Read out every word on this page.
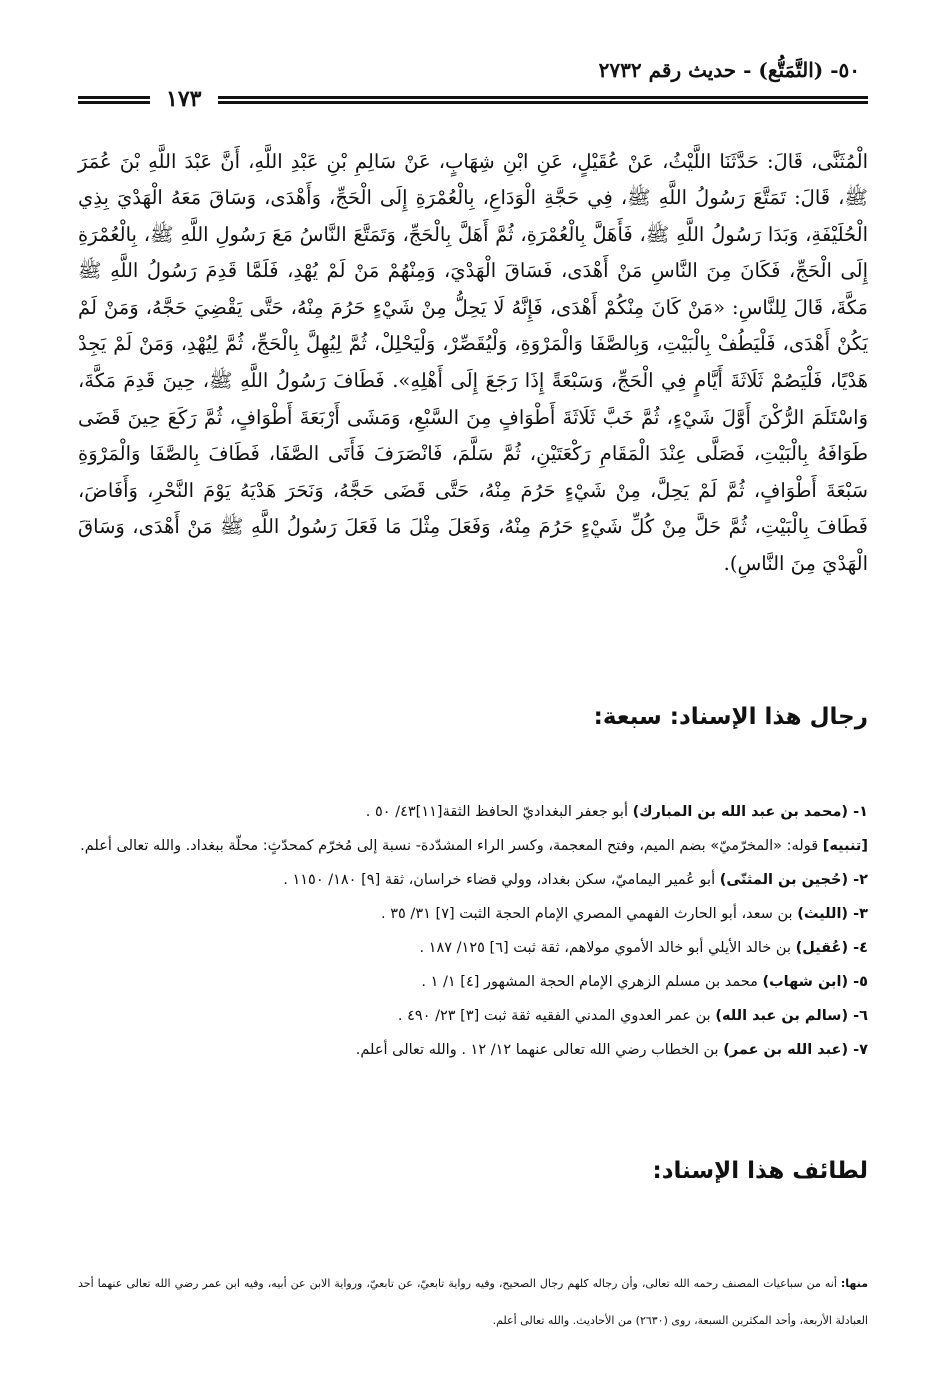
٥٠- (التَّمَتُّع) - حديث رقم ٢٧٣٢
١٧٣

الْمُثَنَّى، قَالَ: حَدَّثَنَا اللَّيْثُ، عَنْ عُقَيْلٍ، عَنِ ابْنِ شِهَابٍ، عَنْ سَالِمِ بْنِ عَبْدِ اللَّهِ، أَنَّ عَبْدَ اللَّهِ بْنَ عُمَرَ ﷺ، قَالَ: تَمَتَّعَ رَسُولُ اللَّهِ ﷺ، فِي حَجَّةِ الْوَدَاعِ، بِالْعُمْرَةِ إِلَى الْحَجِّ، وَأَهْدَى، وَسَاقَ مَعَهُ الْهَدْيَ بِذِي الْحُلَيْفَةِ، وَبَدَا رَسُولُ اللَّهِ ﷺ، فَأَهَلَّ بِالْعُمْرَةِ، ثُمَّ أَهَلَّ بِالْحَجِّ، وَتَمَتَّعَ النَّاسُ مَعَ رَسُولِ اللَّهِ ﷺ، بِالْعُمْرَةِ إِلَى الْحَجِّ، فَكَانَ مِنَ النَّاسِ مَنْ أَهْدَى، فَسَاقَ الْهَدْيَ، وَمِنْهُمْ مَنْ لَمْ يُهْدِ، فَلَمَّا قَدِمَ رَسُولُ اللَّهِ ﷺ مَكَّةَ، قَالَ لِلنَّاسِ: «مَنْ كَانَ مِنْكُمْ أَهْدَى، فَإِنَّهُ لَا يَحِلُّ مِنْ شَيْءٍ حَرُمَ مِنْهُ، حَتَّى يَقْضِيَ حَجَّهُ، وَمَنْ لَمْ يَكُنْ أَهْدَى، فَلْيَطُفْ بِالْبَيْتِ، وَبِالصَّفَا وَالْمَرْوَةِ، وَلْيُقَصِّرْ، وَلْيَحْلِلْ، ثُمَّ لِيُهِلَّ بِالْحَجِّ، ثُمَّ لِيُهْدِ، وَمَنْ لَمْ يَجِدْ هَدْيًا، فَلْيَصُمْ ثَلَاثَةَ أَيَّامٍ فِي الْحَجِّ، وَسَبْعَةً إِذَا رَجَعَ إِلَى أَهْلِهِ». فَطَافَ رَسُولُ اللَّهِ ﷺ، حِينَ قَدِمَ مَكَّةَ، وَاسْتَلَمَ الرُّكْنَ أَوَّلَ شَيْءٍ، ثُمَّ خَبَّ ثَلَاثَةَ أَطْوَافٍ مِنَ السَّبْعِ، وَمَشَى أَرْبَعَةَ أَطْوَافٍ، ثُمَّ رَكَعَ حِينَ قَضَى طَوَافَهُ بِالْبَيْتِ، فَصَلَّى عِنْدَ الْمَقَامِ رَكْعَتَيْنِ، ثُمَّ سَلَّمَ، فَانْصَرَفَ فَأَتَى الصَّفَا، فَطَافَ بِالصَّفَا وَالْمَرْوَةِ سَبْعَةَ أَطْوَافٍ، ثُمَّ لَمْ يَحِلَّ، مِنْ شَيْءٍ حَرُمَ مِنْهُ، حَتَّى قَضَى حَجَّهُ، وَنَحَرَ هَدْيَهُ يَوْمَ النَّحْرِ، وَأَفَاضَ، فَطَافَ بِالْبَيْتِ، ثُمَّ حَلَّ مِنْ كُلِّ شَيْءٍ حَرُمَ مِنْهُ، وَفَعَلَ مِثْلَ مَا فَعَلَ رَسُولُ اللَّهِ ﷺ مَنْ أَهْدَى، وَسَاقَ الْهَدْيَ مِنَ النَّاسِ).

رجال هذا الإسناد: سبعة:
١- (محمد بن عبد الله بن المبارك) أبو جعفر البغداديّ الحافظ الثقة[١١]٤٣/ ٥٠ .
[تنبيه] قوله: «المخرّميّ» بضم الميم، وفتح المعجمة، وكسر الراء المشدّدة- نسبة إلى مُخرّم كمحدّثٍ: محلّة ببغداد. والله تعالى أعلم.
٢- (حُجين بن المثنّى) أبو عُمير اليماميّ، سكن بغداد، وولي قضاء خراسان، ثقة [٩] ١٨٠/ ١١٥٠ .
٣- (الليث) بن سعد، أبو الحارث الفهمي المصري الإمام الحجة الثبت [٧] ٣١/ ٣٥ .
٤- (عُقيل) بن خالد الأيلي أبو خالد الأموي مولاهم، ثقة ثبت [٦] ١٢٥/ ١٨٧ .
٥- (ابن شهاب) محمد بن مسلم الزهري الإمام الحجة المشهور [٤] ١/ ١ .
٦- (سالم بن عبد الله) بن عمر العدوي المدني الفقيه ثقة ثبت [٣] ٢٣/ ٤٩٠ .
٧- (عبد الله بن عمر) بن الخطاب رضي الله تعالى عنهما ١٢/ ١٢ . والله تعالى أعلم.
لطائف هذا الإسناد:

منها: أنه من سباعيات المصنف رحمه الله تعالى، وأن رجاله كلهم رجال الصحيح، وفيه رواية تابعيّ، عن تابعيّ، ورواية الابن عن أبيه، وفيه ابن عمر رضي الله تعالى عنهما أحد العبادلة الأربعة، وأحد المكثرين السبعة، روى (٢٦٣٠) من الأحاديث. والله تعالى أعلم.
